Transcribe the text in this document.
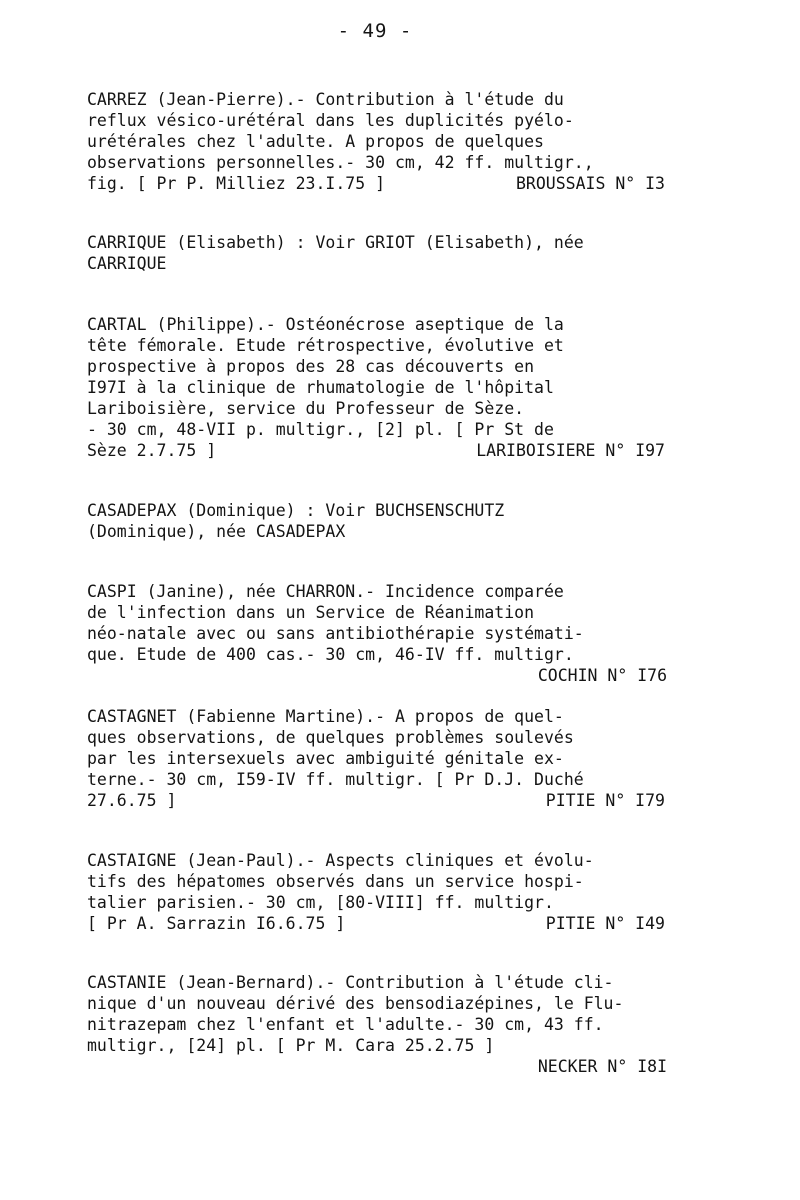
- 49 -
CARREZ (Jean-Pierre).- Contribution à l'étude du
reflux vésico-urétéral dans les duplicités pyélo-
urétérales chez l'adulte. A propos de quelques
observations personnelles.- 30 cm, 42 ff. multigr.,
fig. [ Pr P. Milliez 23.I.75 ]	BROUSSAIS N° I3
CARRIQUE (Elisabeth) : Voir GRIOT (Elisabeth), née
CARRIQUE
CARTAL (Philippe).- Ostéonécrose aseptique de la
tête fémorale. Etude rétrospective, évolutive et
prospective à propos des 28 cas découverts en
I97I à la clinique de rhumatologie de l'hôpital
Lariboisière, service du Professeur de Sèze.
- 30 cm, 48-VII p. multigr., [2] pl. [ Pr St de
Sèze 2.7.75 ]	LARIBOISIERE N° I97
CASADEPAX (Dominique) : Voir BUCHSENSCHUTZ
(Dominique), née CASADEPAX
CASPI (Janine), née CHARRON.- Incidence comparée
de l'infection dans un Service de Réanimation
néo-natale avec ou sans antibiothérapie systémati-
que. Etude de 400 cas.- 30 cm, 46-IV ff. multigr.
COCHIN N° I76
CASTAGNET (Fabienne Martine).- A propos de quel-
ques observations, de quelques problèmes soulevés
par les intersexuels avec ambiguité génitale ex-
terne.- 30 cm, I59-IV ff. multigr. [ Pr D.J. Duché
27.6.75 ]	PITIE N° I79
CASTAIGNE (Jean-Paul).- Aspects cliniques et évolu-
tifs des hépatomes observés dans un service hospi-
talier parisien.- 30 cm, [80-VIII] ff. multigr.
[ Pr A. Sarrazin I6.6.75 ]	PITIE N° I49
CASTANIE (Jean-Bernard).- Contribution à l'étude cli-
nique d'un nouveau dérivé des bensodiazépines, le Flu-
nitrazepam chez l'enfant et l'adulte.- 30 cm, 43 ff.
multigr., [24] pl. [ Pr M. Cara 25.2.75 ]
NECKER N° I8I
